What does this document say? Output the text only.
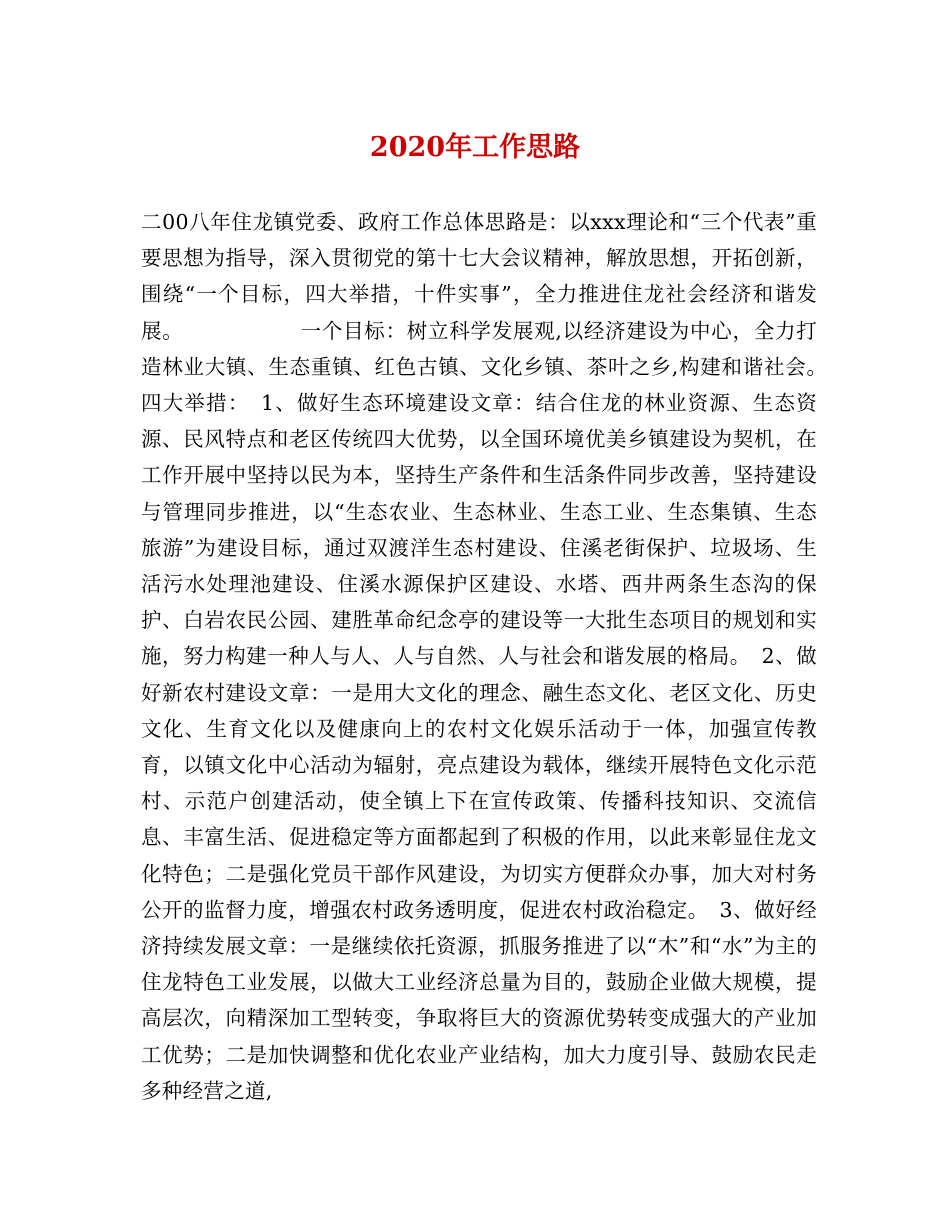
2020年工作思路

二00八年住龙镇党委、政府工作总体思路是：以xxx理论和“三个代表”重要思想为指导，深入贯彻党的第十七大会议精神，解放思想，开拓创新，围绕“一个目标，四大举措，十件实事”，全力推进住龙社会经济和谐发展。　　　　　　一个目标：树立科学发展观,以经济建设为中心，全力打造林业大镇、生态重镇、红色古镇、文化乡镇、茶叶之乡,构建和谐社会。　四大举措：　1、做好生态环境建设文章：结合住龙的林业资源、生态资源、民风特点和老区传统四大优势，以全国环境优美乡镇建设为契机，在工作开展中坚持以民为本，坚持生产条件和生活条件同步改善，坚持建设与管理同步推进，以“生态农业、生态林业、生态工业、生态集镇、生态旅游”为建设目标，通过双渡洋生态村建设、住溪老街保护、垃圾场、生活污水处理池建设、住溪水源保护区建设、水塔、西井两条生态沟的保护、白岩农民公园、建胜革命纪念亭的建设等一大批生态项目的规划和实施，努力构建一种人与人、人与自然、人与社会和谐发展的格局。　2、做好新农村建设文章：一是用大文化的理念、融生态文化、老区文化、历史文化、生育文化以及健康向上的农村文化娱乐活动于一体，加强宣传教育，以镇文化中心活动为辐射，亮点建设为载体，继续开展特色文化示范村、示范户创建活动，使全镇上下在宣传政策、传播科技知识、交流信息、丰富生活、促进稳定等方面都起到了积极的作用，以此来彰显住龙文化特色；二是强化党员干部作风建设，为切实方便群众办事，加大对村务公开的监督力度，增强农村政务透明度，促进农村政治稳定。　3、做好经济持续发展文章：一是继续依托资源，抓服务推进了以“木”和“水”为主的住龙特色工业发展，以做大工业经济总量为目的，鼓励企业做大规模，提高层次，向精深加工型转变，争取将巨大的资源优势转变成强大的产业加工优势；二是加快调整和优化农业产业结构，加大力度引导、鼓励农民走多种经营之道,
